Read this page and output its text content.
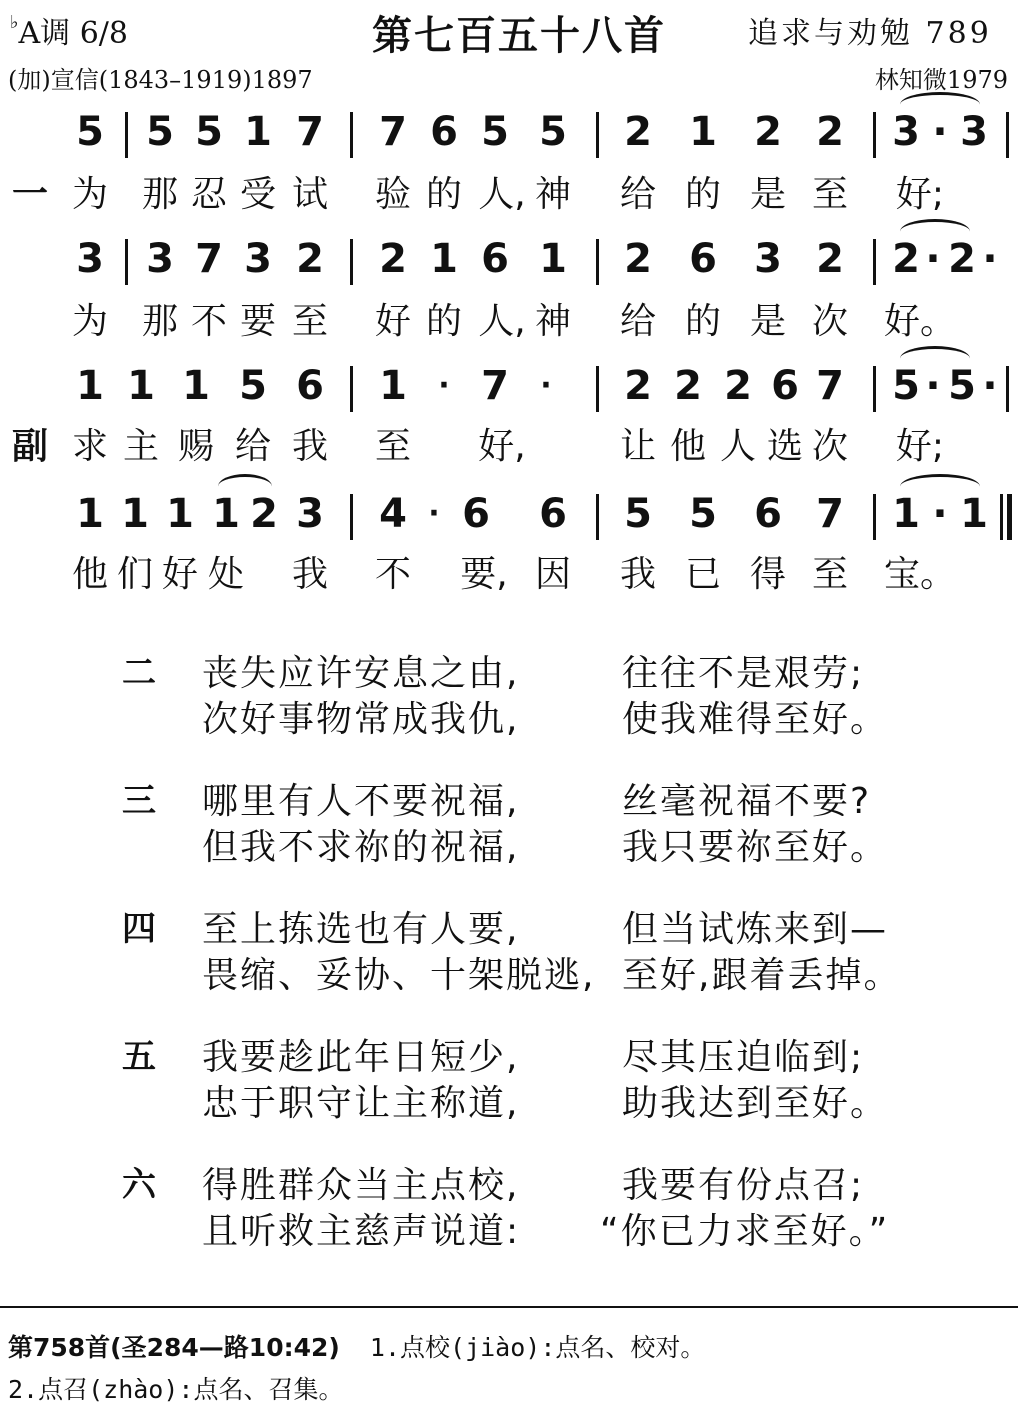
♭A调 6/8	第七百五十八首	追求与劝勉 789
(加)宣信(1843–1919)1897	林知微1979
5 5 5 1 7 7 6 5 5 2 1 2 2 3 · 3
一 为 那 忍 受 试 验 的 人, 神 给 的 是 至 好;
3 3 7 3 2 2 1 6 1 2 6 3 2 2 · 2 ·
为 那 不 要 至 好 的 人, 神 给 的 是 次 好。
1 1 1 5 6 1 · 7 · 2 2 2 6 7 5 · 5 ·
副 求 主 赐 给 我 至 好,	让 他 人 选 次 好;
1 1 1 1 2 3 4 · 6 6 5 5 6 7 1 · 1
他 们 好 处 我 不 要, 因 我 已 得 至 宝。
二 丧失应许安息之由,	往往不是艰劳;
次好事物常成我仇,	使我难得至好。
三 哪里有人不要祝福,	丝毫祝福不要?
但我不求祢的祝福,	我只要祢至好。
四 至上拣选也有人要,	但当试炼来到—
畏缩、妥协、十架脱逃, 至好,跟着丢掉。
五 我要趁此年日短少,	尽其压迫临到;
忠于职守让主称道,	助我达到至好。
六 得胜群众当主点校,	我要有份点召;
且听救主慈声说道: “你已力求至好。”
第758首(圣284—路10:42) 1.点校(jiào):点名、校对。
2.点召(zhào):点名、召集。
